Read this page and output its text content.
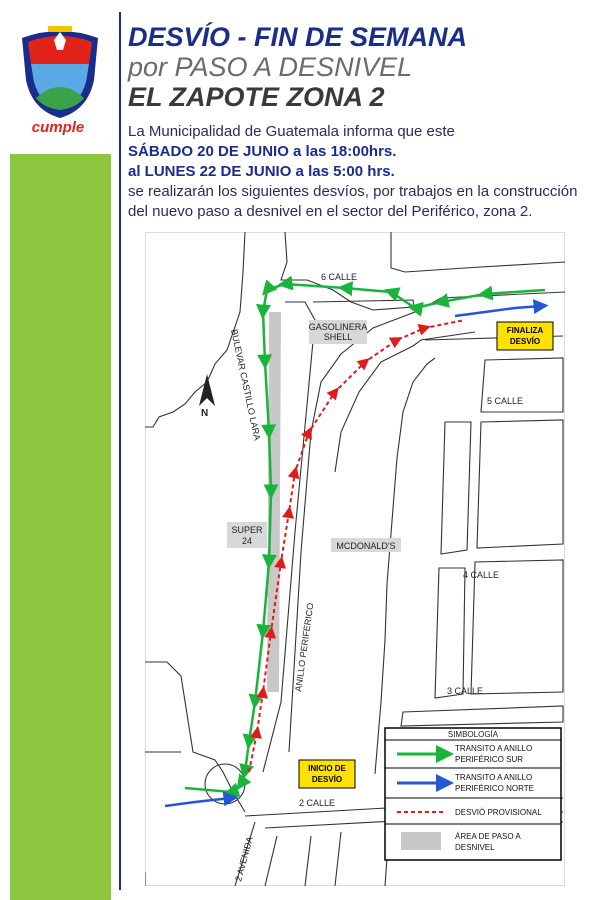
cumple
DESVÍO - FIN DE SEMANA
por PASO A DESNIVEL
EL ZAPOTE ZONA 2
La Municipalidad de Guatemala informa que este
SÁBADO 20 DE JUNIO a las 18:00hrs.
al LUNES 22 DE JUNIO a las 5:00 hrs.
se realizarán los siguientes desvíos, por trabajos en la construcción del nuevo paso a desnivel en el sector del Periférico, zona 2.
GASOLINERA
SHELL
SUPER
24	MCDONALD'S
6 CALLE
5 CALLE
4 CALLE
3 CALLE
2 CALLE
2 AVENIDA
BULEVAR CASTILLO LARA
ANILLO PERIFERICO
N
FINALIZA
DESVÍO
INICIO DE
DESVÍO
SIMBOLOGÍA
TRANSITO A ANILLO
PERIFÉRICO SUR
TRANSITO A ANILLO
PERIFÉRICO NORTE
DESVIÓ PROVISIONAL
ÁREA DE PASO A
DESNIVEL
